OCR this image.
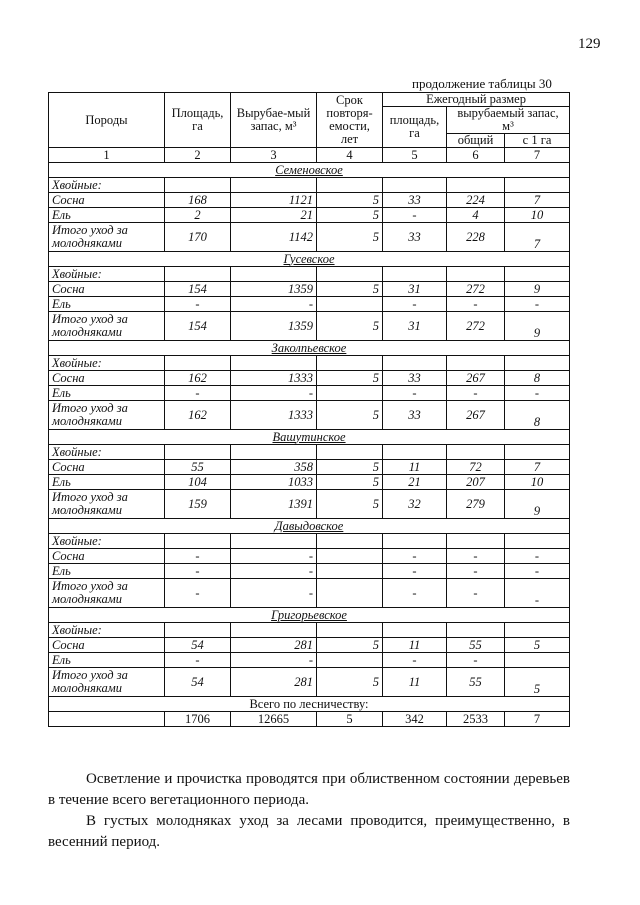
129
продолжение таблицы 30
Породы	Площадь, га	Вырубае-мый запас, м³	Срок повторя-емости, лет	Ежегодный размер		
				площадь, га	вырубаемый запас, м³	
					общий	с 1 га
1	2	3	4	5	6	7
Семеновское						
Хвойные:						
Сосна	168	1121	5	33	224	7
Ель	2	21	5	-	4	10
Итого уход за молодняками	170	1142	5	33	228	7
Гусевское						
Хвойные:						
Сосна	154	1359	5	31	272	9
Ель	-	-		-	-	-
Итого уход за молодняками	154	1359	5	31	272	9
Заколпьевское						
Хвойные:						
Сосна	162	1333	5	33	267	8
Ель	-	-		-	-	-
Итого уход за молодняками	162	1333	5	33	267	8
Вашутинское						
Хвойные:						
Сосна	55	358	5	11	72	7
Ель	104	1033	5	21	207	10
Итого уход за молодняками	159	1391	5	32	279	9
Давыдовское						
Хвойные:						
Сосна	-	-		-	-	-
Ель	-	-		-	-	-
Итого уход за молодняками	-	-		-	-	-
Григорьевское						
Хвойные:						
Сосна	54	281	5	11	55	5
Ель	-	-		-	-	
Итого уход за молодняками	54	281	5	11	55	5
Всего по лесничеству:						
	1706	12665	5	342	2533	7
Осветление и прочистка проводятся при облиственном состоянии деревьев в течение всего вегетационного периода.
В густых молодняках уход за лесами проводится, преимущественно, в весенний период.
